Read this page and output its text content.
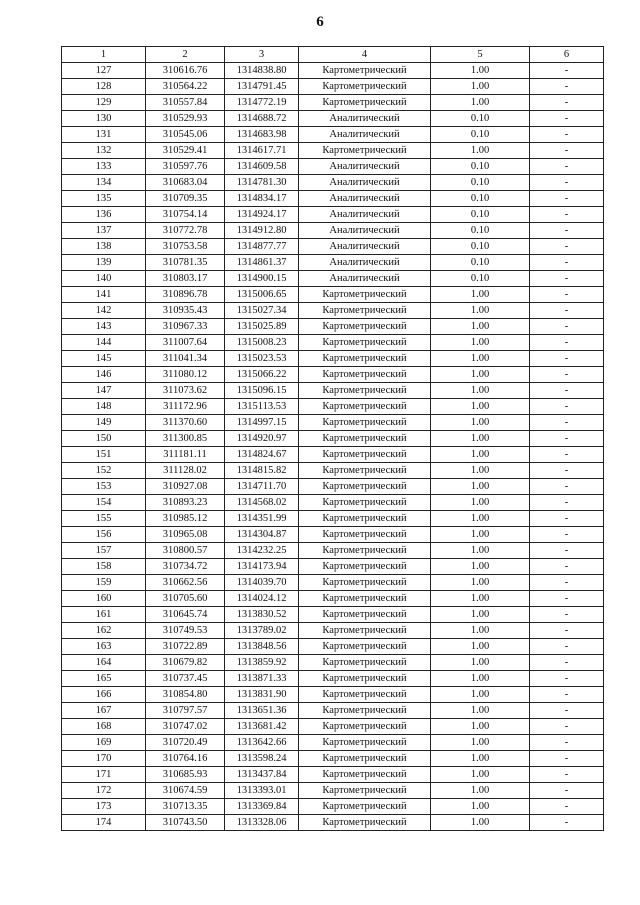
6
1	2	3	4	5	6
127	310616.76	1314838.80	Картометрический	1.00	-
128	310564.22	1314791.45	Картометрический	1.00	-
129	310557.84	1314772.19	Картометрический	1.00	-
130	310529.93	1314688.72	Аналитический	0.10	-
131	310545.06	1314683.98	Аналитический	0.10	-
132	310529.41	1314617.71	Картометрический	1.00	-
133	310597.76	1314609.58	Аналитический	0.10	-
134	310683.04	1314781.30	Аналитический	0.10	-
135	310709.35	1314834.17	Аналитический	0.10	-
136	310754.14	1314924.17	Аналитический	0.10	-
137	310772.78	1314912.80	Аналитический	0.10	-
138	310753.58	1314877.77	Аналитический	0.10	-
139	310781.35	1314861.37	Аналитический	0.10	-
140	310803.17	1314900.15	Аналитический	0.10	-
141	310896.78	1315006.65	Картометрический	1.00	-
142	310935.43	1315027.34	Картометрический	1.00	-
143	310967.33	1315025.89	Картометрический	1.00	-
144	311007.64	1315008.23	Картометрический	1.00	-
145	311041.34	1315023.53	Картометрический	1.00	-
146	311080.12	1315066.22	Картометрический	1.00	-
147	311073.62	1315096.15	Картометрический	1.00	-
148	311172.96	1315113.53	Картометрический	1.00	-
149	311370.60	1314997.15	Картометрический	1.00	-
150	311300.85	1314920.97	Картометрический	1.00	-
151	311181.11	1314824.67	Картометрический	1.00	-
152	311128.02	1314815.82	Картометрический	1.00	-
153	310927.08	1314711.70	Картометрический	1.00	-
154	310893.23	1314568.02	Картометрический	1.00	-
155	310985.12	1314351.99	Картометрический	1.00	-
156	310965.08	1314304.87	Картометрический	1.00	-
157	310800.57	1314232.25	Картометрический	1.00	-
158	310734.72	1314173.94	Картометрический	1.00	-
159	310662.56	1314039.70	Картометрический	1.00	-
160	310705.60	1314024.12	Картометрический	1.00	-
161	310645.74	1313830.52	Картометрический	1.00	-
162	310749.53	1313789.02	Картометрический	1.00	-
163	310722.89	1313848.56	Картометрический	1.00	-
164	310679.82	1313859.92	Картометрический	1.00	-
165	310737.45	1313871.33	Картометрический	1.00	-
166	310854.80	1313831.90	Картометрический	1.00	-
167	310797.57	1313651.36	Картометрический	1.00	-
168	310747.02	1313681.42	Картометрический	1.00	-
169	310720.49	1313642.66	Картометрический	1.00	-
170	310764.16	1313598.24	Картометрический	1.00	-
171	310685.93	1313437.84	Картометрический	1.00	-
172	310674.59	1313393.01	Картометрический	1.00	-
173	310713.35	1313369.84	Картометрический	1.00	-
174	310743.50	1313328.06	Картометрический	1.00	-
